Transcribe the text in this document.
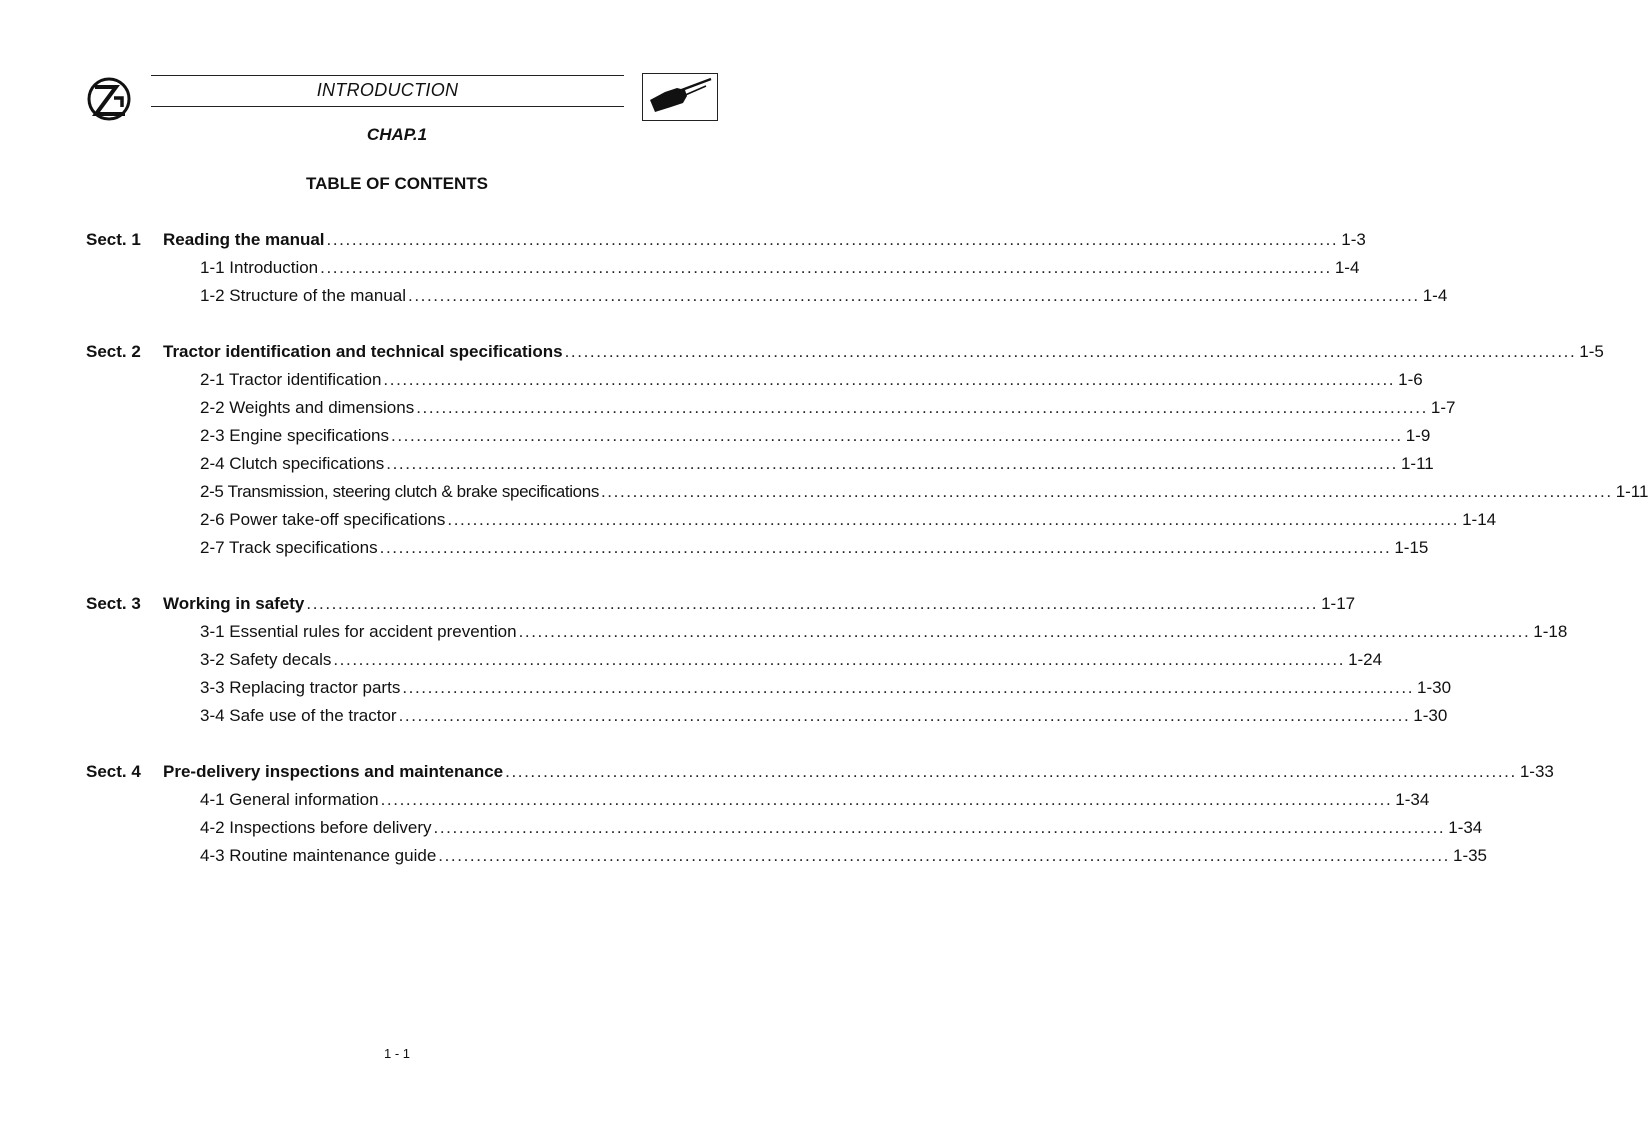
INTRODUCTION
CHAP.1
TABLE OF CONTENTS
Sect. 1	Reading the manual ................................................................................................................................................................ 1-3
1-1 Introduction ................................................................................................................................................................ 1-4
1-2 Structure of the manual ................................................................................................................................................................ 1-4
Sect. 2	Tractor identification and technical specifications ................................................................................................................................................................ 1-5
2-1 Tractor identification ................................................................................................................................................................ 1-6
2-2 Weights and dimensions ................................................................................................................................................................ 1-7
2-3 Engine specifications ................................................................................................................................................................ 1-9
2-4 Clutch specifications ................................................................................................................................................................ 1-11
2-5 Transmission, steering clutch & brake specifications ................................................................................................................................................................ 1-11
2-6 Power take-off specifications ................................................................................................................................................................ 1-14
2-7 Track specifications ................................................................................................................................................................ 1-15
Sect. 3	Working in safety ................................................................................................................................................................ 1-17
3-1 Essential rules for accident prevention ................................................................................................................................................................ 1-18
3-2 Safety decals ................................................................................................................................................................ 1-24
3-3 Replacing tractor parts ................................................................................................................................................................ 1-30
3-4 Safe use of the tractor ................................................................................................................................................................ 1-30
Sect. 4	Pre-delivery inspections and maintenance ................................................................................................................................................................ 1-33
4-1 General information ................................................................................................................................................................ 1-34
4-2 Inspections before delivery ................................................................................................................................................................ 1-34
4-3 Routine maintenance guide ................................................................................................................................................................ 1-35
1 - 1
